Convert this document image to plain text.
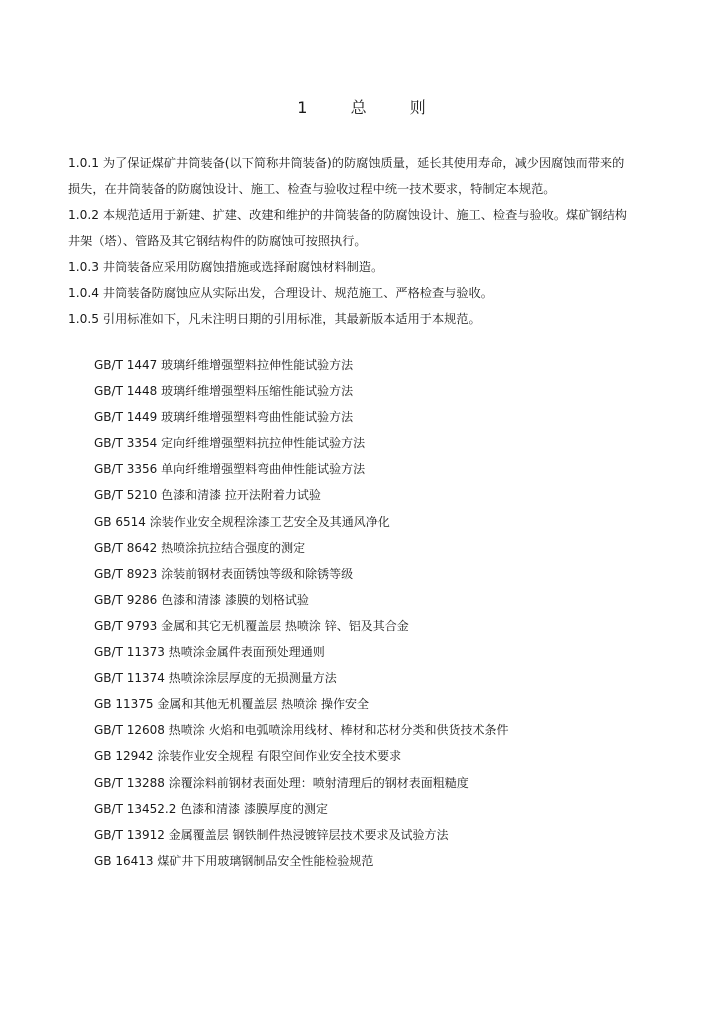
1	总	则

1.0.1 为了保证煤矿井筒装备(以下简称井筒装备)的防腐蚀质量，延长其使用寿命，减少因腐蚀而带来的
损失，在井筒装备的防腐蚀设计、施工、检查与验收过程中统一技术要求，特制定本规范。

1.0.2 本规范适用于新建、扩建、改建和维护的井筒装备的防腐蚀设计、施工、检查与验收。煤矿钢结构
井架（塔）、管路及其它钢结构件的防腐蚀可按照执行。

1.0.3 井筒装备应采用防腐蚀措施或选择耐腐蚀材料制造。

1.0.4 井筒装备防腐蚀应从实际出发，合理设计、规范施工、严格检查与验收。

1.0.5 引用标准如下，凡未注明日期的引用标准，其最新版本适用于本规范。

GB/T 1447 玻璃纤维增强塑料拉伸性能试验方法
GB/T 1448 玻璃纤维增强塑料压缩性能试验方法
GB/T 1449 玻璃纤维增强塑料弯曲性能试验方法
GB/T 3354 定向纤维增强塑料抗拉伸性能试验方法
GB/T 3356 单向纤维增强塑料弯曲伸性能试验方法
GB/T 5210 色漆和清漆 拉开法附着力试验
GB 6514 涂装作业安全规程涂漆工艺安全及其通风净化
GB/T 8642 热喷涂抗拉结合强度的测定
GB/T 8923 涂装前钢材表面锈蚀等级和除锈等级
GB/T 9286 色漆和清漆 漆膜的划格试验
GB/T 9793 金属和其它无机覆盖层 热喷涂 锌、铝及其合金
GB/T 11373 热喷涂金属件表面预处理通则
GB/T 11374 热喷涂涂层厚度的无损测量方法
GB 11375 金属和其他无机覆盖层 热喷涂 操作安全
GB/T 12608 热喷涂 火焰和电弧喷涂用线材、棒材和芯材分类和供货技术条件
GB 12942 涂装作业安全规程 有限空间作业安全技术要求
GB/T 13288 涂覆涂料前钢材表面处理：喷射清理后的钢材表面粗糙度
GB/T 13452.2 色漆和清漆 漆膜厚度的测定
GB/T 13912 金属覆盖层 钢铁制件热浸镀锌层技术要求及试验方法
GB 16413 煤矿井下用玻璃钢制品安全性能检验规范
